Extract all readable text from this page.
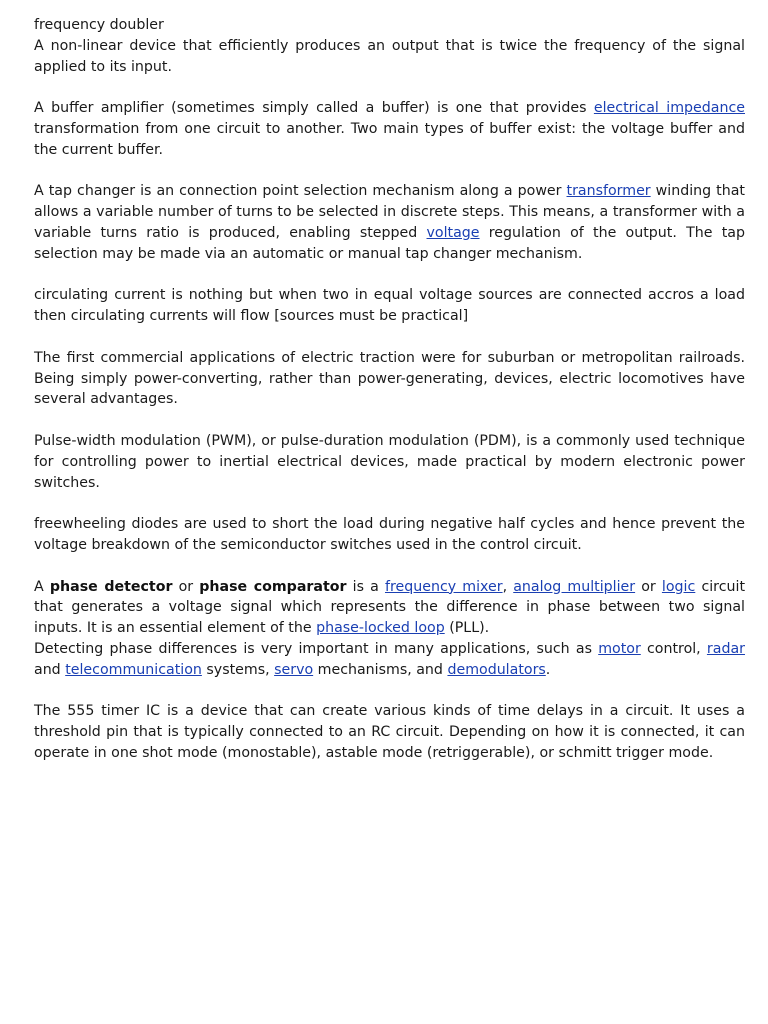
frequency doubler

A non-linear device that efficiently produces an output that is twice the frequency of the signal applied to its input.

A buffer amplifier (sometimes simply called a buffer) is one that provides electrical impedance transformation from one circuit to another. Two main types of buffer exist: the voltage buffer and the current buffer.

A tap changer is an connection point selection mechanism along a power transformer winding that allows a variable number of turns to be selected in discrete steps. This means, a transformer with a variable turns ratio is produced, enabling stepped voltage regulation of the output. The tap selection may be made via an automatic or manual tap changer mechanism.

circulating current is nothing but when two in equal voltage sources are connected accros a load then circulating currents will flow [sources must be practical]

The first commercial applications of electric traction were for suburban or metropolitan railroads. Being simply power-converting, rather than power-generating, devices, electric locomotives have several advantages.

Pulse-width modulation (PWM), or pulse-duration modulation (PDM), is a commonly used technique for controlling power to inertial electrical devices, made practical by modern electronic power switches.

freewheeling diodes are used to short the load during negative half cycles and hence prevent the voltage breakdown of the semiconductor switches used in the control circuit.

A phase detector or phase comparator is a frequency mixer, analog multiplier or logic circuit that generates a voltage signal which represents the difference in phase between two signal inputs. It is an essential element of the phase-locked loop (PLL).

Detecting phase differences is very important in many applications, such as motor control, radar and telecommunication systems, servo mechanisms, and demodulators.

The 555 timer IC is a device that can create various kinds of time delays in a circuit. It uses a threshold pin that is typically connected to an RC circuit. Depending on how it is connected, it can operate in one shot mode (monostable), astable mode (retriggerable), or schmitt trigger mode.
